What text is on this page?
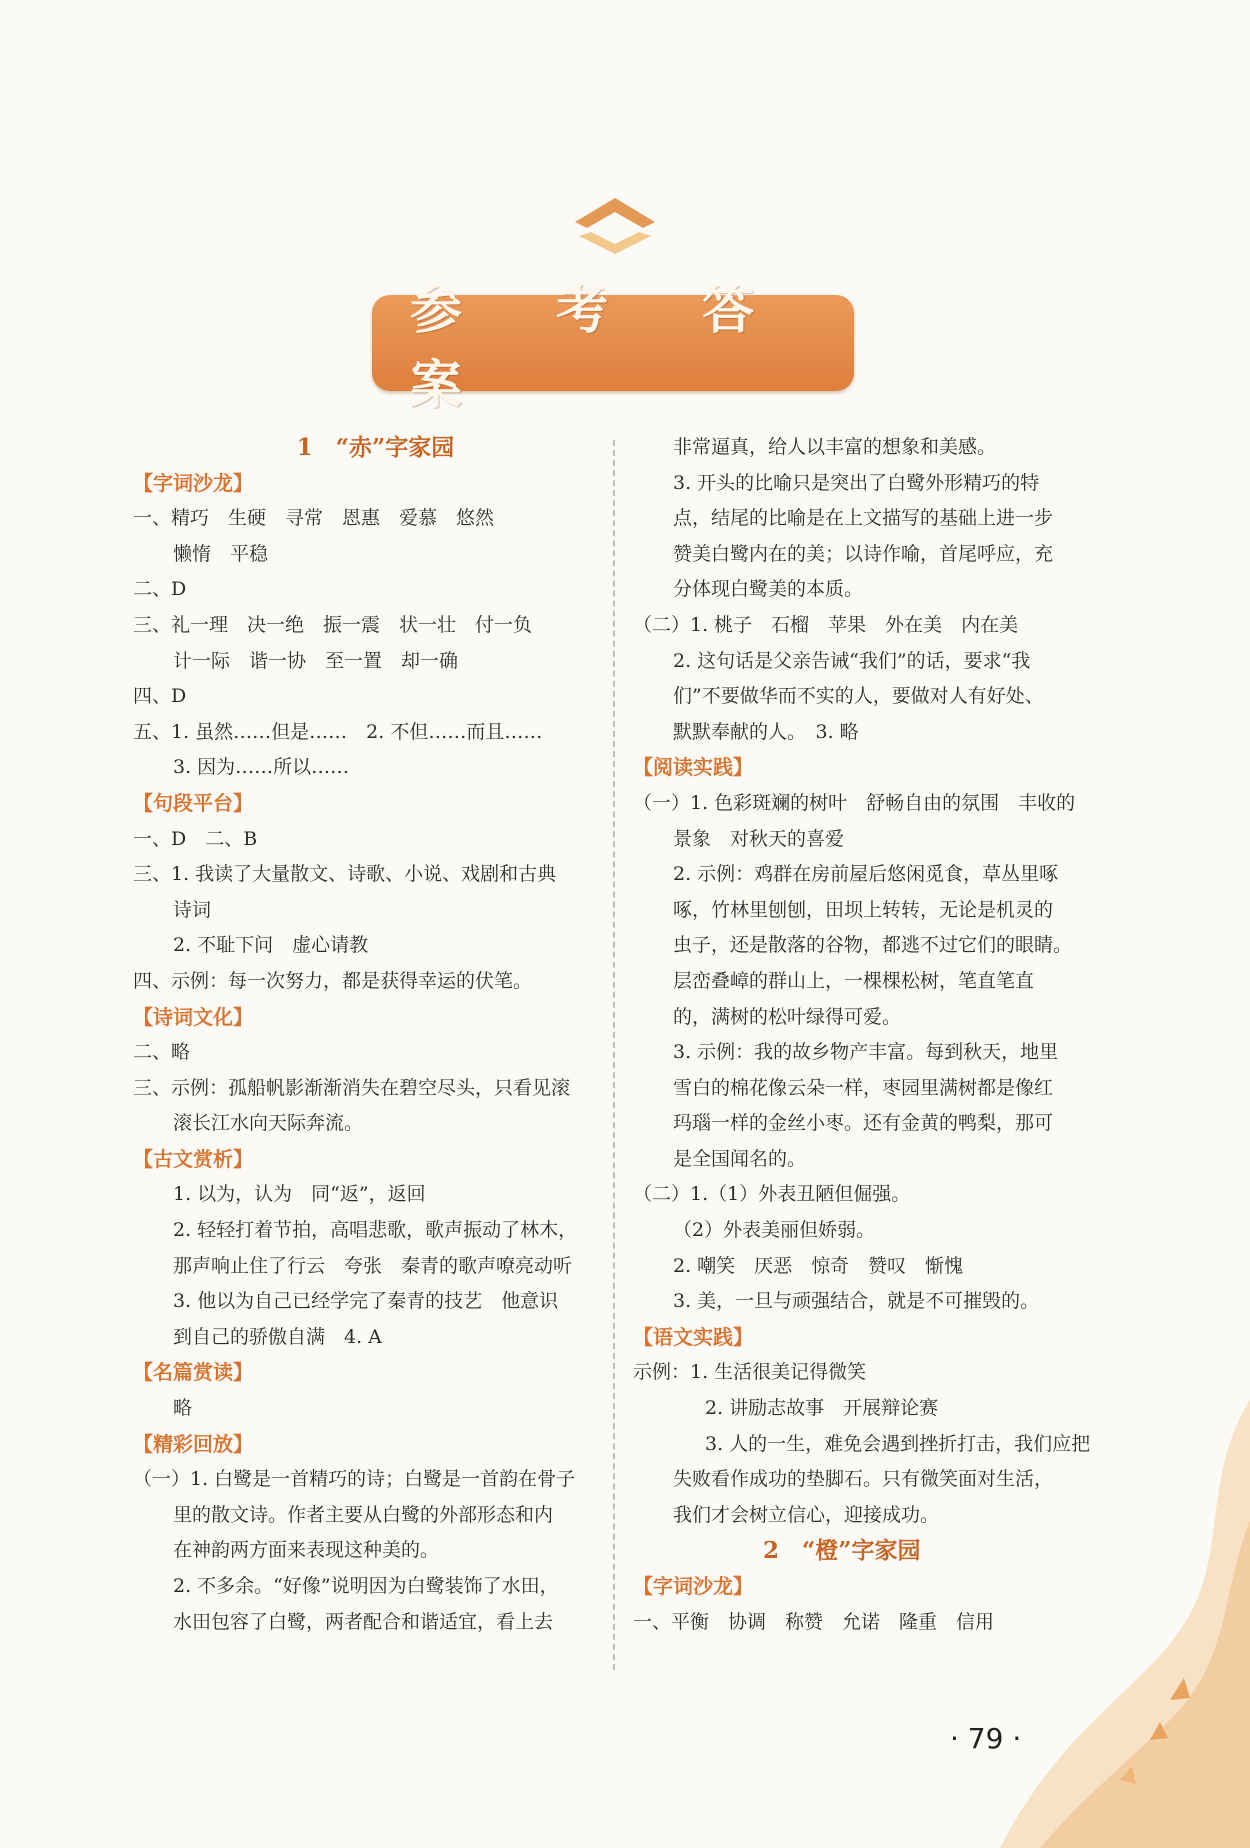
参 考 答 案
1　“赤”字家园
【字词沙龙】
一、精巧　生硬　寻常　恩惠　爱慕　悠然
懒惰　平稳
二、D
三、礼一理　决一绝　振一震　状一壮　付一负
计一际　谐一协　至一置　却一确
四、D
五、1. 虽然……但是……　2. 不但……而且……
3. 因为……所以……
【句段平台】
一、D　二、B
三、1. 我读了大量散文、诗歌、小说、戏剧和古典
诗词
2. 不耻下问　虚心请教
四、示例：每一次努力，都是获得幸运的伏笔。
【诗词文化】
二、略
三、示例：孤船帆影渐渐消失在碧空尽头，只看见滚
滚长江水向天际奔流。
【古文赏析】
1. 以为，认为　同“返”，返回
2. 轻轻打着节拍，高唱悲歌，歌声振动了林木，
那声响止住了行云　夸张　秦青的歌声嘹亮动听
3. 他以为自己已经学完了秦青的技艺　他意识
到自己的骄傲自满　4. A
【名篇赏读】
略
【精彩回放】
（一）1. 白鹭是一首精巧的诗；白鹭是一首韵在骨子
里的散文诗。作者主要从白鹭的外部形态和内
在神韵两方面来表现这种美的。
2. 不多余。“好像”说明因为白鹭装饰了水田，
水田包容了白鹭，两者配合和谐适宜，看上去
非常逼真，给人以丰富的想象和美感。
3. 开头的比喻只是突出了白鹭外形精巧的特
点，结尾的比喻是在上文描写的基础上进一步
赞美白鹭内在的美；以诗作喻，首尾呼应，充
分体现白鹭美的本质。
（二）1. 桃子　石榴　苹果　外在美　内在美
2. 这句话是父亲告诫“我们”的话，要求“我
们”不要做华而不实的人，要做对人有好处、
默默奉献的人。　3. 略
【阅读实践】
（一）1. 色彩斑斓的树叶　舒畅自由的氛围　丰收的
景象　对秋天的喜爱
2. 示例：鸡群在房前屋后悠闲觅食，草丛里啄
啄，竹林里刨刨，田坝上转转，无论是机灵的
虫子，还是散落的谷物，都逃不过它们的眼睛。
层峦叠嶂的群山上，一棵棵松树，笔直笔直
的，满树的松叶绿得可爱。
3. 示例：我的故乡物产丰富。每到秋天，地里
雪白的棉花像云朵一样，枣园里满树都是像红
玛瑙一样的金丝小枣。还有金黄的鸭梨，那可
是全国闻名的。
（二）1.（1）外表丑陋但倔强。
（2）外表美丽但娇弱。
2. 嘲笑　厌恶　惊奇　赞叹　惭愧
3. 美，一旦与顽强结合，就是不可摧毁的。
【语文实践】
示例：1. 生活很美记得微笑
2. 讲励志故事　开展辩论赛
3. 人的一生，难免会遇到挫折打击，我们应把
失败看作成功的垫脚石。只有微笑面对生活，
我们才会树立信心，迎接成功。
2　“橙”字家园
【字词沙龙】
一、平衡　协调　称赞　允诺　隆重　信用
· 79 ·
